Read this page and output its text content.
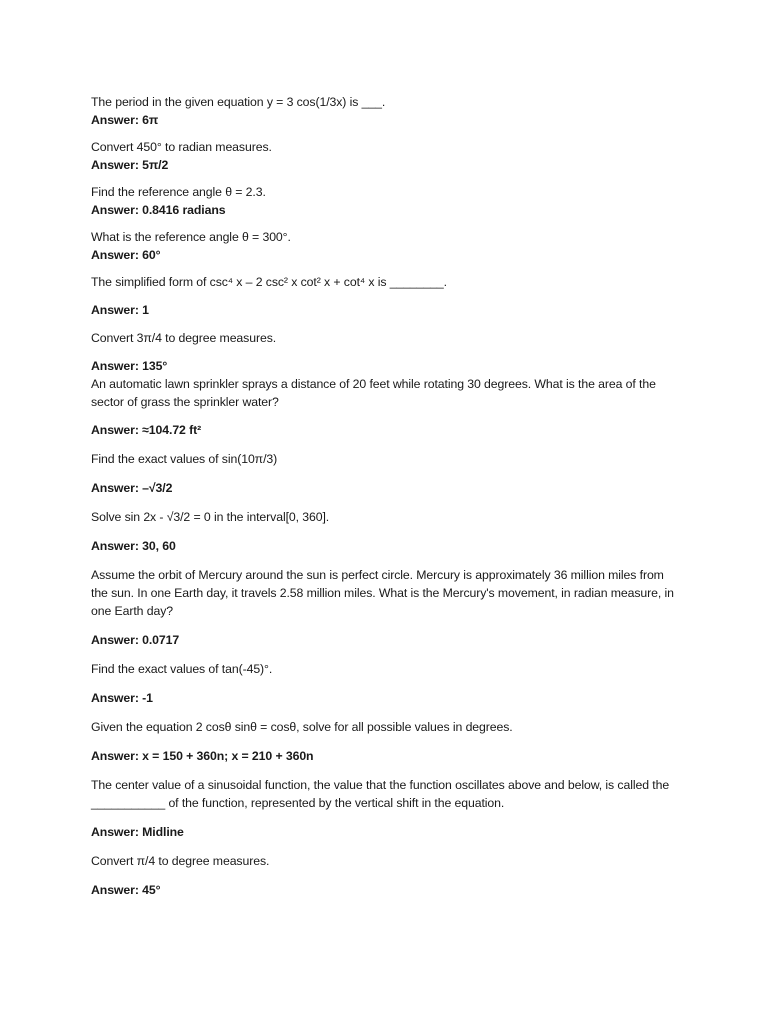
The period in the given equation y = 3 cos(1/3x) is ___.

Answer: 6π

Convert 450° to radian measures.

Answer: 5π/2

Find the reference angle θ = 2.3.

Answer: 0.8416 radians

What is the reference angle θ = 300°.

Answer: 60°

The simplified form of csc⁴ x – 2 csc² x cot² x + cot⁴ x is ________.

Answer: 1

Convert 3π/4 to degree measures.

Answer: 135°

An automatic lawn sprinkler sprays a distance of 20 feet while rotating 30 degrees. What is the area of the sector of grass the sprinkler water?

Answer: ≈104.72 ft²

Find the exact values of sin(10π/3)

Answer: –√3/2

Solve sin 2x - √3/2 = 0 in the interval[0, 360].

Answer: 30, 60

Assume the orbit of Mercury around the sun is perfect circle. Mercury is approximately 36 million miles from the sun. In one Earth day, it travels 2.58 million miles. What is the Mercury's movement, in radian measure, in one Earth day?

Answer: 0.0717

Find the exact values of tan(-45)°.

Answer: -1

Given the equation 2 cosθ sinθ = cosθ, solve for all possible values in degrees.

Answer: x = 150 + 360n; x = 210 + 360n

The center value of a sinusoidal function, the value that the function oscillates above and below, is called the ___________ of the function, represented by the vertical shift in the equation.

Answer: Midline

Convert π/4 to degree measures.

Answer: 45°
